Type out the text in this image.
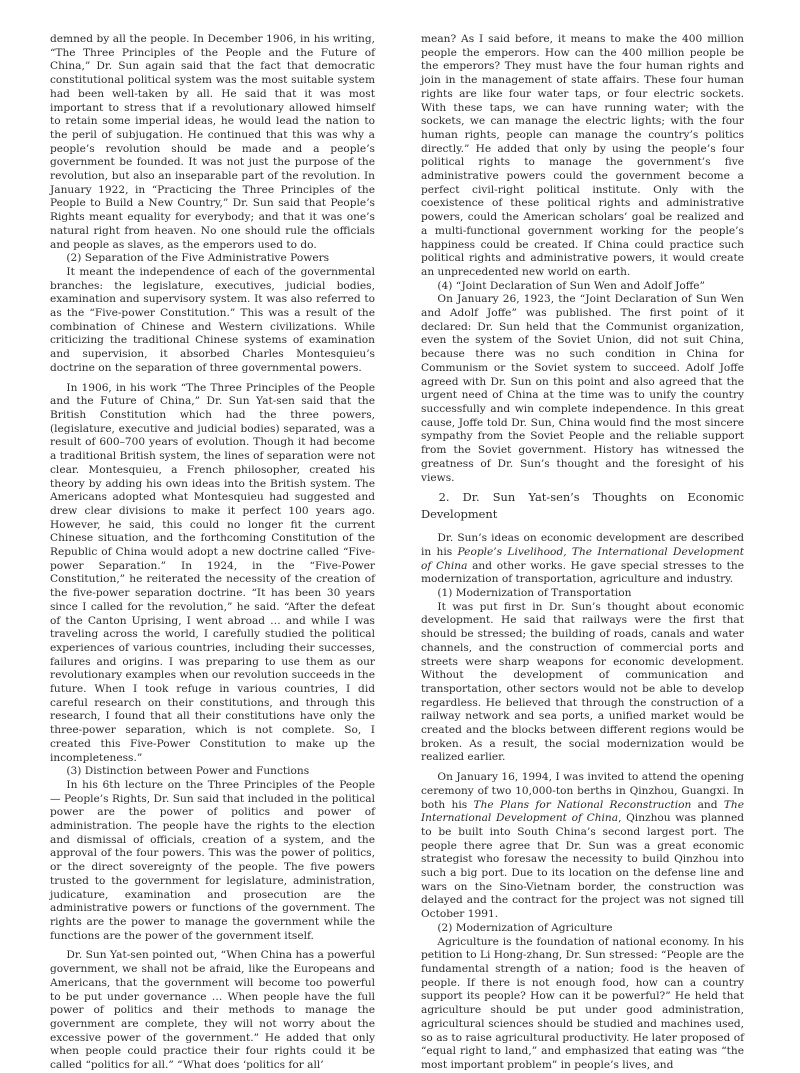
demned by all the people. In December 1906, in his writing, “The Three Principles of the People and the Future of China,” Dr. Sun again said that the fact that democratic constitutional political system was the most suitable system had been well-taken by all. He said that it was most important to stress that if a revolutionary allowed himself to retain some imperial ideas, he would lead the nation to the peril of subjugation. He continued that this was why a people’s revolution should be made and a people’s government be founded. It was not just the purpose of the revolution, but also an inseparable part of the revolution. In January 1922, in “Practicing the Three Principles of the People to Build a New Country,” Dr. Sun said that People’s Rights meant equality for everybody; and that it was one’s natural right from heaven. No one should rule the officials and people as slaves, as the emperors used to do.

(2) Separation of the Five Administrative Powers

It meant the independence of each of the governmental branches: the legislature, executives, judicial bodies, examination and supervisory system. It was also referred to as the “Five-power Constitution.” This was a result of the combination of Chinese and Western civilizations. While criticizing the traditional Chinese systems of examination and supervision, it absorbed Charles Montesquieu’s doctrine on the separation of three governmental powers.

In 1906, in his work “The Three Principles of the People and the Future of China,” Dr. Sun Yat-sen said that the British Constitution which had the three powers, (legislature, executive and judicial bodies) separated, was a result of 600–700 years of evolution. Though it had become a traditional British system, the lines of separation were not clear. Montesquieu, a French philosopher, created his theory by adding his own ideas into the British system. The Americans adopted what Montesquieu had suggested and drew clear divisions to make it perfect 100 years ago. However, he said, this could no longer fit the current Chinese situation, and the forthcoming Constitution of the Republic of China would adopt a new doctrine called “Five-power Separation.” In 1924, in the “Five-Power Constitution,” he reiterated the necessity of the creation of the five-power separation doctrine. “It has been 30 years since I called for the revolution,” he said. “After the defeat of the Canton Uprising, I went abroad … and while I was traveling across the world, I carefully studied the political experiences of various countries, including their successes, failures and origins. I was preparing to use them as our revolutionary examples when our revolution succeeds in the future. When I took refuge in various countries, I did careful research on their constitutions, and through this research, I found that all their constitutions have only the three-power separation, which is not complete. So, I created this Five-Power Constitution to make up the incompleteness.”

(3) Distinction between Power and Functions

In his 6th lecture on the Three Principles of the People — People’s Rights, Dr. Sun said that included in the political power are the power of politics and power of administration. The people have the rights to the election and dismissal of officials, creation of a system, and the approval of the four powers. This was the power of politics, or the direct sovereignty of the people. The five powers trusted to the government for legislature, administration, judicature, examination and prosecution are the administrative powers or functions of the government. The rights are the power to manage the government while the functions are the power of the government itself.

Dr. Sun Yat-sen pointed out, “When China has a powerful government, we shall not be afraid, like the Europeans and Americans, that the government will become too powerful to be put under governance … When people have the full power of politics and their methods to manage the government are complete, they will not worry about the excessive power of the government.” He added that only when people could practice their four rights could it be called “politics for all.” “What does ‘politics for all’

mean? As I said before, it means to make the 400 million people the emperors. How can the 400 million people be the emperors? They must have the four human rights and join in the management of state affairs. These four human rights are like four water taps, or four electric sockets. With these taps, we can have running water; with the sockets, we can manage the electric lights; with the four human rights, people can manage the country’s politics directly.” He added that only by using the people’s four political rights to manage the government’s five administrative powers could the government become a perfect civil-right political institute. Only with the coexistence of these political rights and administrative powers, could the American scholars’ goal be realized and a multi-functional government working for the people’s happiness could be created. If China could practice such political rights and administrative powers, it would create an unprecedented new world on earth.

(4) “Joint Declaration of Sun Wen and Adolf Joffe”

On January 26, 1923, the “Joint Declaration of Sun Wen and Adolf Joffe” was published. The first point of it declared: Dr. Sun held that the Communist organization, even the system of the Soviet Union, did not suit China, because there was no such condition in China for Communism or the Soviet system to succeed. Adolf Joffe agreed with Dr. Sun on this point and also agreed that the urgent need of China at the time was to unify the country successfully and win complete independence. In this great cause, Joffe told Dr. Sun, China would find the most sincere sympathy from the Soviet People and the reliable support from the Soviet government. History has witnessed the greatness of Dr. Sun’s thought and the foresight of his views.

2. Dr. Sun Yat-sen’s Thoughts on Economic Development

Dr. Sun’s ideas on economic development are described in his People’s Livelihood, The International Development of China and other works. He gave special stresses to the modernization of transportation, agriculture and industry.

(1) Modernization of Transportation

It was put first in Dr. Sun’s thought about economic development. He said that railways were the first that should be stressed; the building of roads, canals and water channels, and the construction of commercial ports and streets were sharp weapons for economic development. Without the development of communication and transportation, other sectors would not be able to develop regardless. He believed that through the construction of a railway network and sea ports, a unified market would be created and the blocks between different regions would be broken. As a result, the social modernization would be realized earlier.

On January 16, 1994, I was invited to attend the opening ceremony of two 10,000-ton berths in Qinzhou, Guangxi. In both his The Plans for National Reconstruction and The International Development of China, Qinzhou was planned to be built into South China’s second largest port. The people there agree that Dr. Sun was a great economic strategist who foresaw the necessity to build Qinzhou into such a big port. Due to its location on the defense line and wars on the Sino-Vietnam border, the construction was delayed and the contract for the project was not signed till October 1991.

(2) Modernization of Agriculture

Agriculture is the foundation of national economy. In his petition to Li Hong-zhang, Dr. Sun stressed: “People are the fundamental strength of a nation; food is the heaven of people. If there is not enough food, how can a country support its people? How can it be powerful?” He held that agriculture should be put under good administration, agricultural sciences should be studied and machines used, so as to raise agricultural productivity. He later proposed of “equal right to land,” and emphasized that eating was “the most important problem” in people’s lives, and
